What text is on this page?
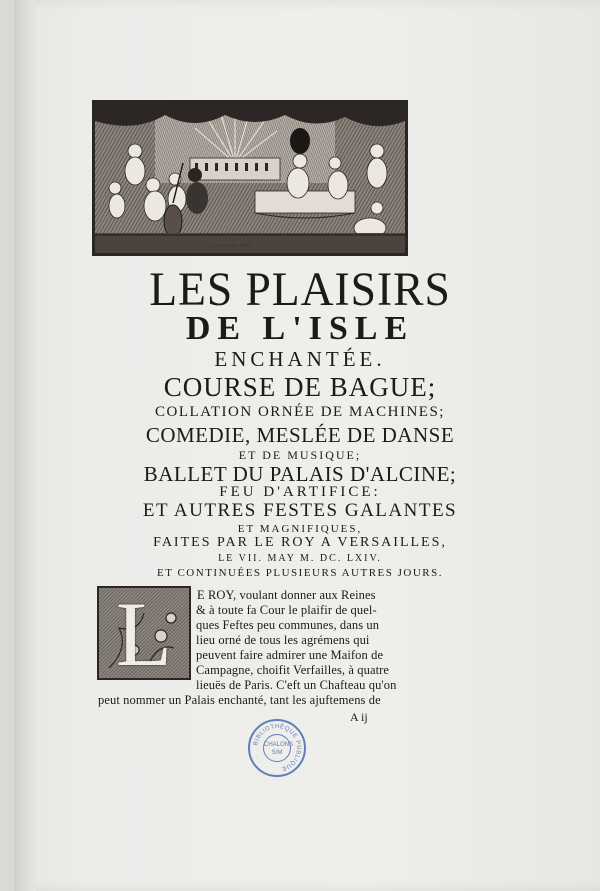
I. Silvestre fec. 1664
LES PLAISIRS
DE L'ISLE
ENCHANTÉE.
COURSE DE BAGUE;
COLLATION ORNÉE DE MACHINES;
COMEDIE, MESLÉE DE DANSE
ET DE MUSIQUE;
BALLET DU PALAIS D'ALCINE;
FEU D'ARTIFICE:
ET AUTRES FESTES GALANTES
ET MAGNIFIQUES,
FAITES PAR LE ROY A VERSAILLES,
LE VII. MAY M. DC. LXIV.
ET CONTINUÉES PLUSIEURS AUTRES JOURS.
L	E ROY, voulant donner aux Reines
& à toute fa Cour le plaifir de quel-
ques Feftes peu communes, dans un
lieu orné de tous les agrémens qui
peuvent faire admirer une Maifon de
Campagne, choifit Verfailles, à quatre
lieuës de Paris. C'eft un Chafteau qu'on
peut nommer un Palais enchanté, tant les ajuftemens de
A ij
BIBLIOTHÈQUE PUBLIQUE
CHALONS
S/M
